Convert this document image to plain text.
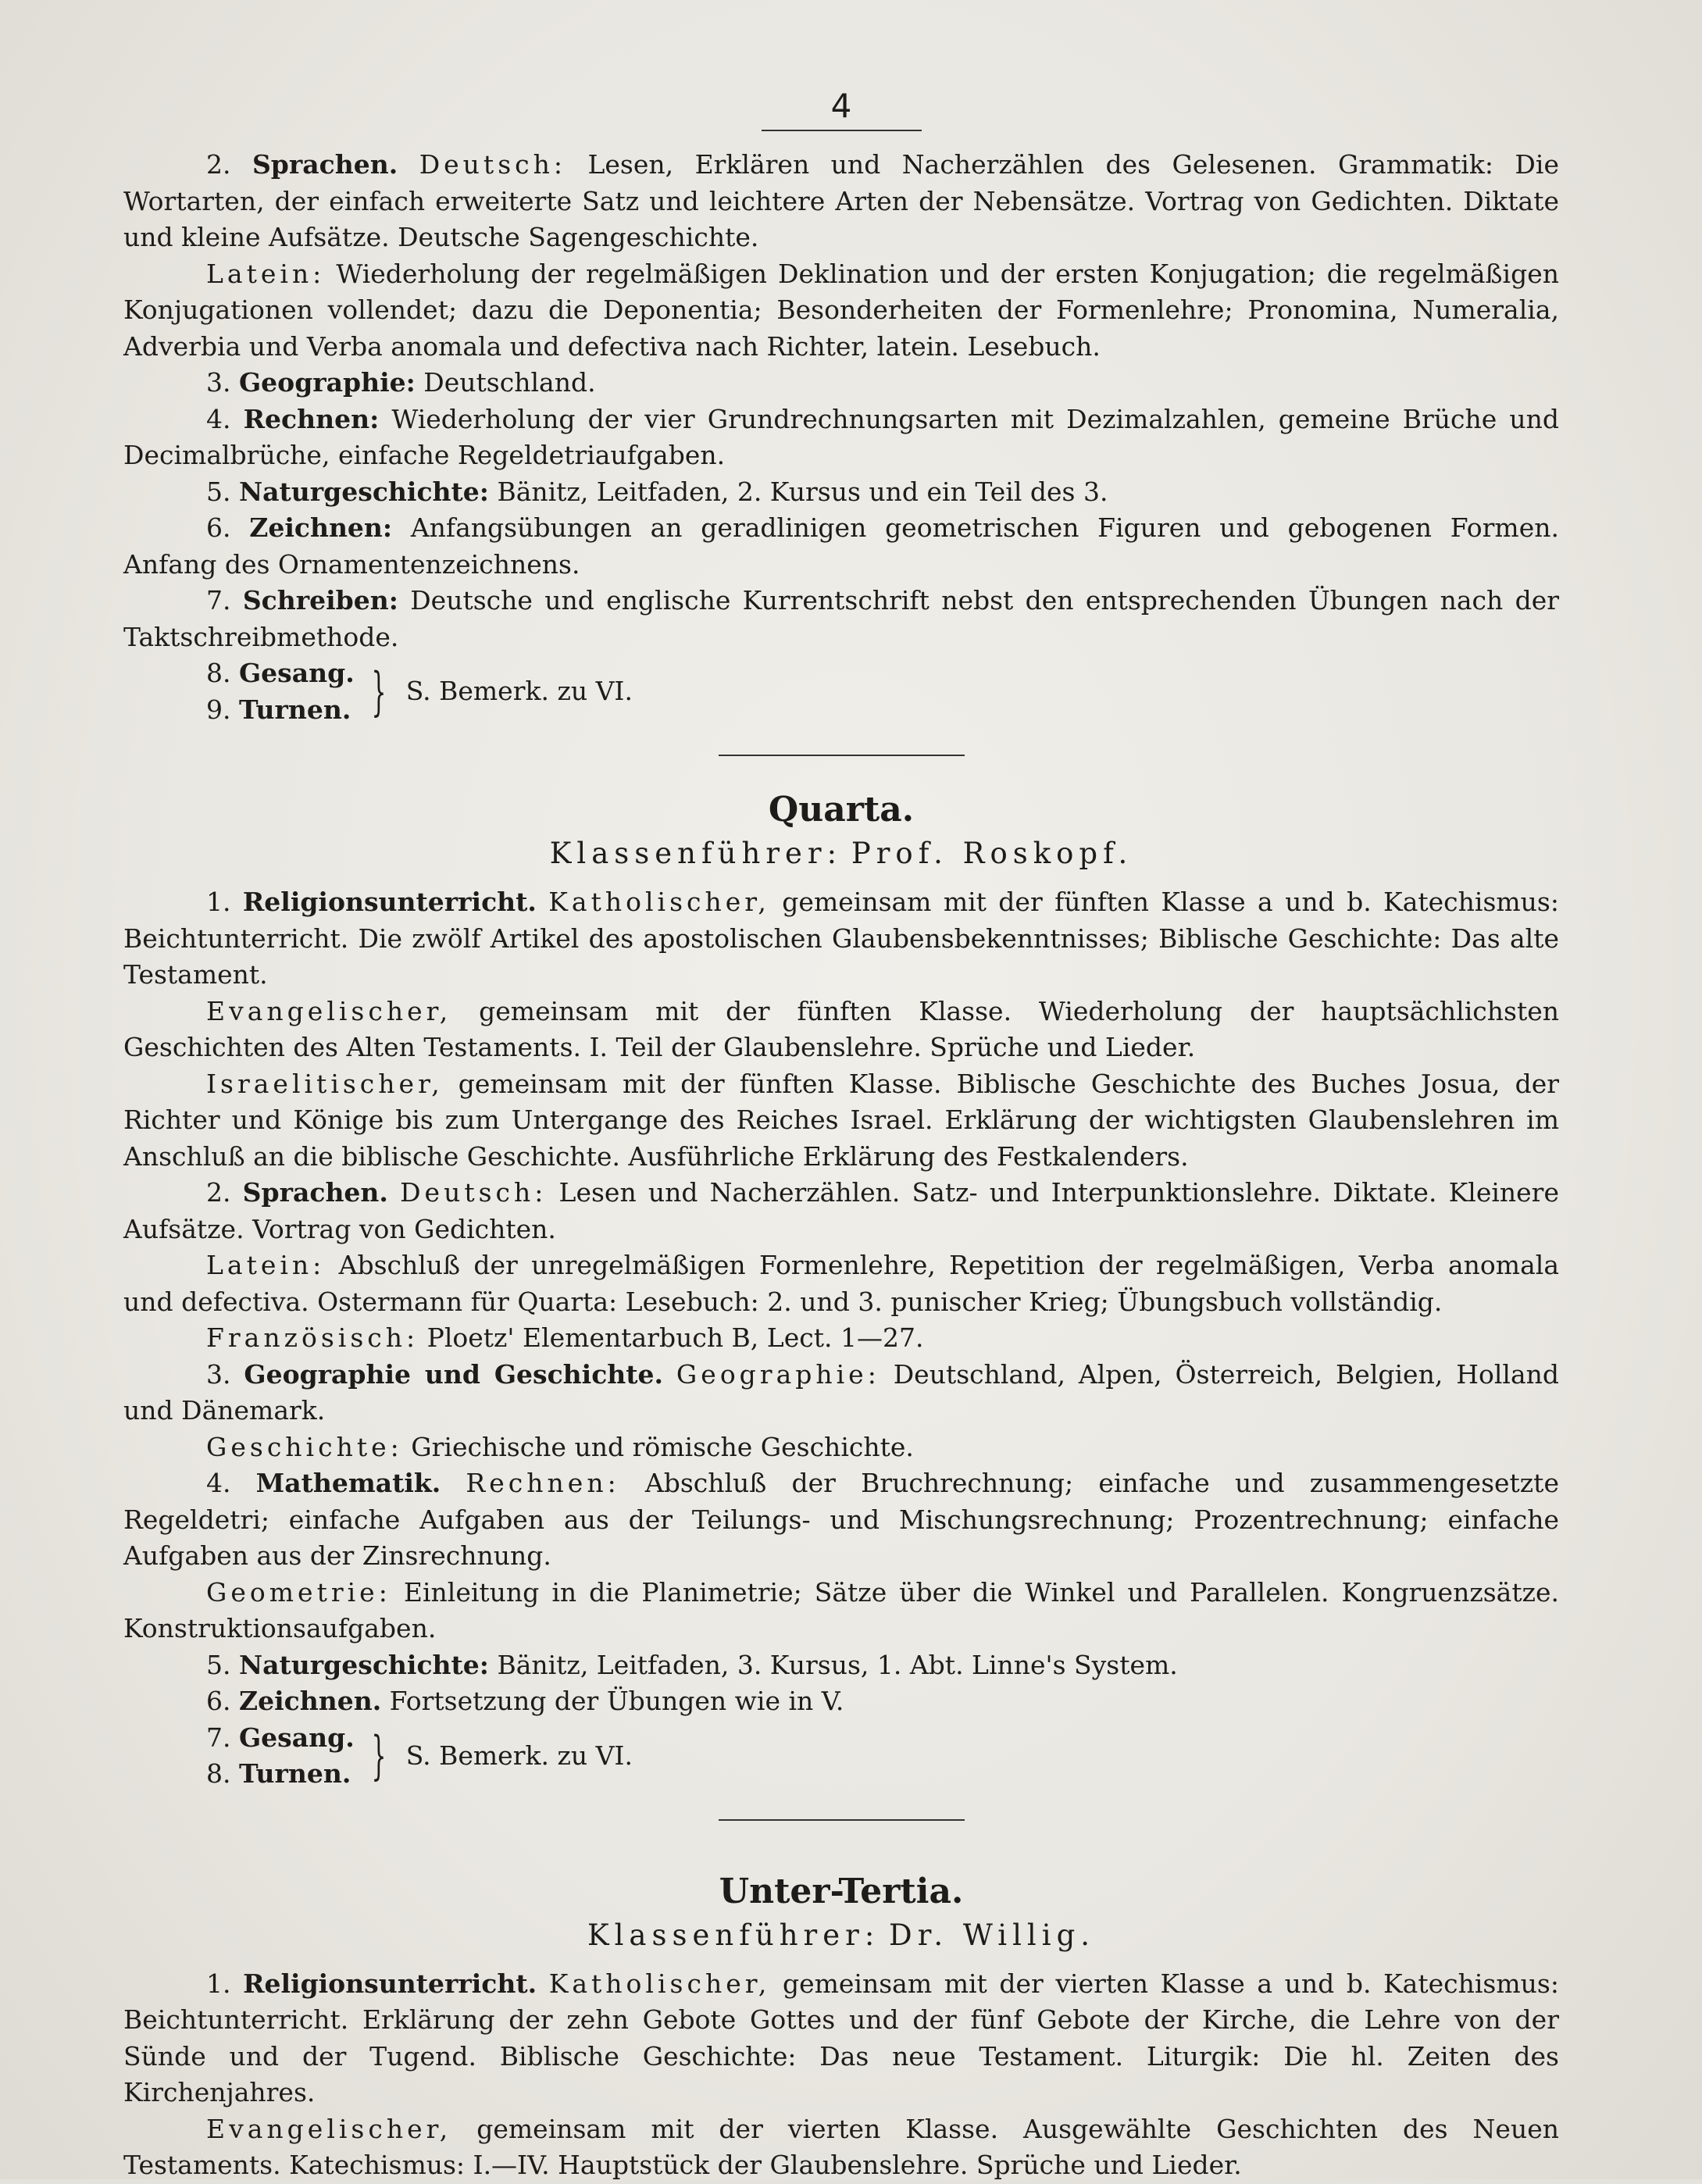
4

2. Sprachen. Deutsch: Lesen, Erklären und Nacherzählen des Gelesenen. Grammatik: Die Wortarten, der einfach erweiterte Satz und leichtere Arten der Nebensätze. Vortrag von Gedichten. Diktate und kleine Aufsätze. Deutsche Sagengeschichte.

Latein: Wiederholung der regelmäßigen Deklination und der ersten Konjugation; die regelmäßigen Konjugationen vollendet; dazu die Deponentia; Besonderheiten der Formenlehre; Pronomina, Numeralia, Adverbia und Verba anomala und defectiva nach Richter, latein. Lesebuch.

3. Geographie: Deutschland.

4. Rechnen: Wiederholung der vier Grundrechnungsarten mit Dezimalzahlen, gemeine Brüche und Decimalbrüche, einfache Regeldetriaufgaben.

5. Naturgeschichte: Bänitz, Leitfaden, 2. Kursus und ein Teil des 3.

6. Zeichnen: Anfangsübungen an geradlinigen geometrischen Figuren und gebogenen Formen. Anfang des Ornamentenzeichnens.

7. Schreiben: Deutsche und englische Kurrentschrift nebst den entsprechenden Übungen nach der Taktschreibmethode.

8. Gesang.
9. Turnen. } S. Bemerk. zu VI.
Quarta.
Klassenführer: Prof. Roskopf.

1. Religionsunterricht. Katholischer, gemeinsam mit der fünften Klasse a und b. Katechismus: Beichtunterricht. Die zwölf Artikel des apostolischen Glaubensbekenntnisses; Biblische Geschichte: Das alte Testament.

Evangelischer, gemeinsam mit der fünften Klasse. Wiederholung der hauptsächlichsten Geschichten des Alten Testaments. I. Teil der Glaubenslehre. Sprüche und Lieder.

Israelitischer, gemeinsam mit der fünften Klasse. Biblische Geschichte des Buches Josua, der Richter und Könige bis zum Untergange des Reiches Israel. Erklärung der wichtigsten Glaubenslehren im Anschluß an die biblische Geschichte. Ausführliche Erklärung des Festkalenders.

2. Sprachen. Deutsch: Lesen und Nacherzählen. Satz- und Interpunktionslehre. Diktate. Kleinere Aufsätze. Vortrag von Gedichten.

Latein: Abschluß der unregelmäßigen Formenlehre, Repetition der regelmäßigen, Verba anomala und defectiva. Ostermann für Quarta: Lesebuch: 2. und 3. punischer Krieg; Übungsbuch vollständig.

Französisch: Ploetz' Elementarbuch B, Lect. 1—27.

3. Geographie und Geschichte. Geographie: Deutschland, Alpen, Österreich, Belgien, Holland und Dänemark.

Geschichte: Griechische und römische Geschichte.

4. Mathematik. Rechnen: Abschluß der Bruchrechnung; einfache und zusammengesetzte Regeldetri; einfache Aufgaben aus der Teilungs- und Mischungsrechnung; Prozentrechnung; einfache Aufgaben aus der Zinsrechnung.

Geometrie: Einleitung in die Planimetrie; Sätze über die Winkel und Parallelen. Kongruenzsätze. Konstruktionsaufgaben.

5. Naturgeschichte: Bänitz, Leitfaden, 3. Kursus, 1. Abt. Linne's System.

6. Zeichnen. Fortsetzung der Übungen wie in V.

7. Gesang.
8. Turnen. } S. Bemerk. zu VI.
Unter-Tertia.
Klassenführer: Dr. Willig.

1. Religionsunterricht. Katholischer, gemeinsam mit der vierten Klasse a und b. Katechismus: Beichtunterricht. Erklärung der zehn Gebote Gottes und der fünf Gebote der Kirche, die Lehre von der Sünde und der Tugend. Biblische Geschichte: Das neue Testament. Liturgik: Die hl. Zeiten des Kirchenjahres.

Evangelischer, gemeinsam mit der vierten Klasse. Ausgewählte Geschichten des Neuen Testaments. Katechismus: I.—IV. Hauptstück der Glaubenslehre. Sprüche und Lieder.
